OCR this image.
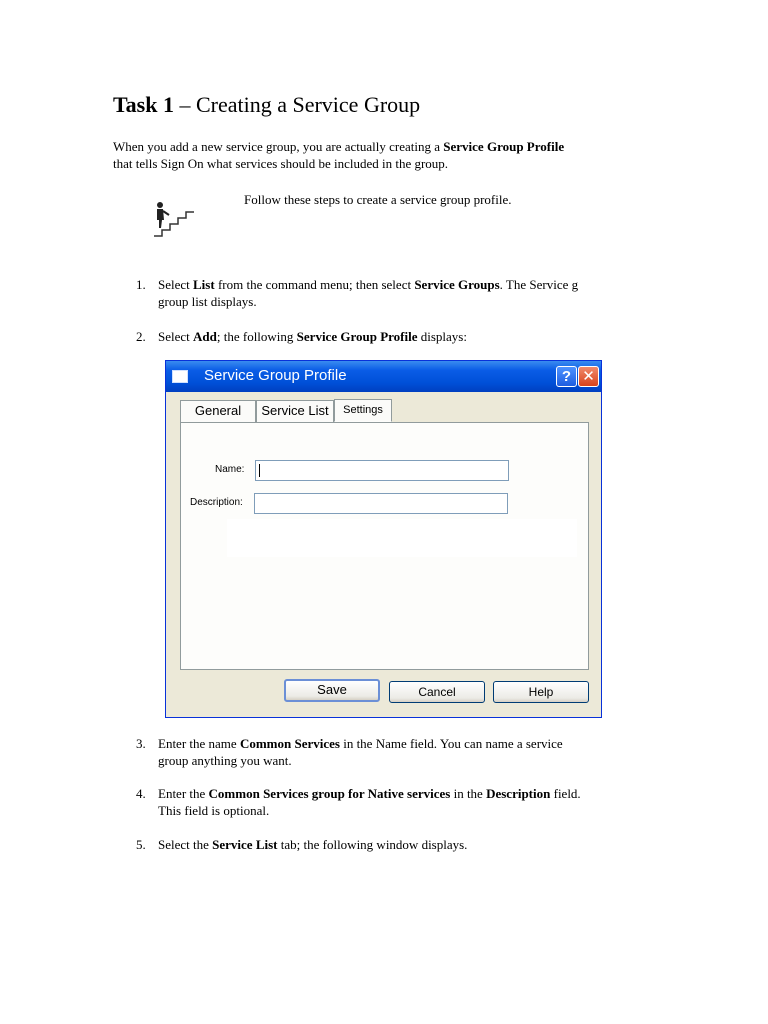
Task 1 – Creating a Service Group
When you add a new service group, you are actually creating a Service Group Profile
that tells Sign On what services should be included in the group.
Follow these steps to create a service group profile.
1. Select List from the command menu; then select Service Groups. The Service g
group list displays.
2. Select Add; the following Service Group Profile displays:
Service Group Profile	? ✕
General	Service List	Settings
Name:
Description:
Save	Cancel	Help
3. Enter the name Common Services in the Name field. You can name a service
group anything you want.
4. Enter the Common Services group for Native services in the Description field.
This field is optional.
5. Select the Service List tab; the following window displays.
